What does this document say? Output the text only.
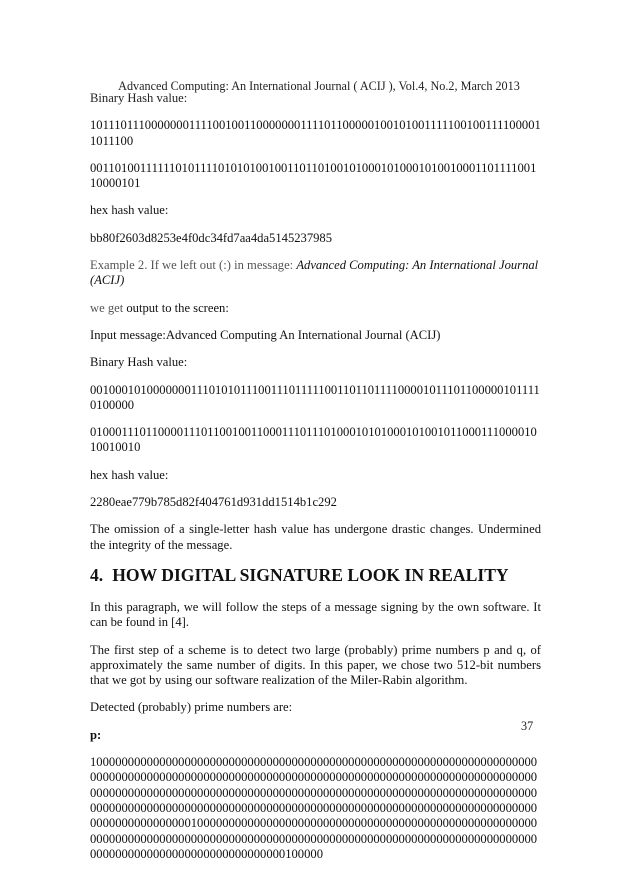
Advanced Computing: An International Journal ( ACIJ ), Vol.4, No.2, March 2013

Binary Hash value:

10111011100000001111001001100000001111011000001001010011111001001111000011011100

00110100111111010111101010100100110110100101000101000101001000110111100110000101

hex hash value:

bb80f2603d8253e4f0dc34fd7aa4da5145237985

Example 2. If we left out (:) in message: Advanced Computing: An International Journal (ACIJ)

we get output to the screen:

Input message:Advanced Computing An International Journal (ACIJ)

Binary Hash value:

00100010100000001110101011100111011111001101101111000010111011000001011110100000

01000111011000011101100100110001110111010001010100010100101100011100001010010010

hex hash value:

2280eae779b785d82f404761d931dd1514b1c292

The omission of a single-letter hash value has undergone drastic changes. Undermined the integrity of the message.

4. HOW DIGITAL SIGNATURE LOOK IN REALITY

In this paragraph, we will follow the steps of a message signing by the own software. It can be found in [4].

The first step of a scheme is to detect two large (probably) prime numbers p and q, of approximately the same number of digits. In this paper, we chose two 512-bit numbers that we got by using our software realization of the Miler-Rabin algorithm.

Detected (probably) prime numbers are:

p:

1000000000000000000000000000000000000000000000000000000000000000000000000000000000000000000000000000000000000000000000000000000000000000000000000000000000000000000000000000000000000000000000000000000000000000000000000000000000000000000000000000000000000000000000000000000000000000000000000000000000001000000000000000000000000000000000000000000000000000000000000000000000000000000000000000000000000000000000000000000000000000000000000000000000000000000000000100000

37
